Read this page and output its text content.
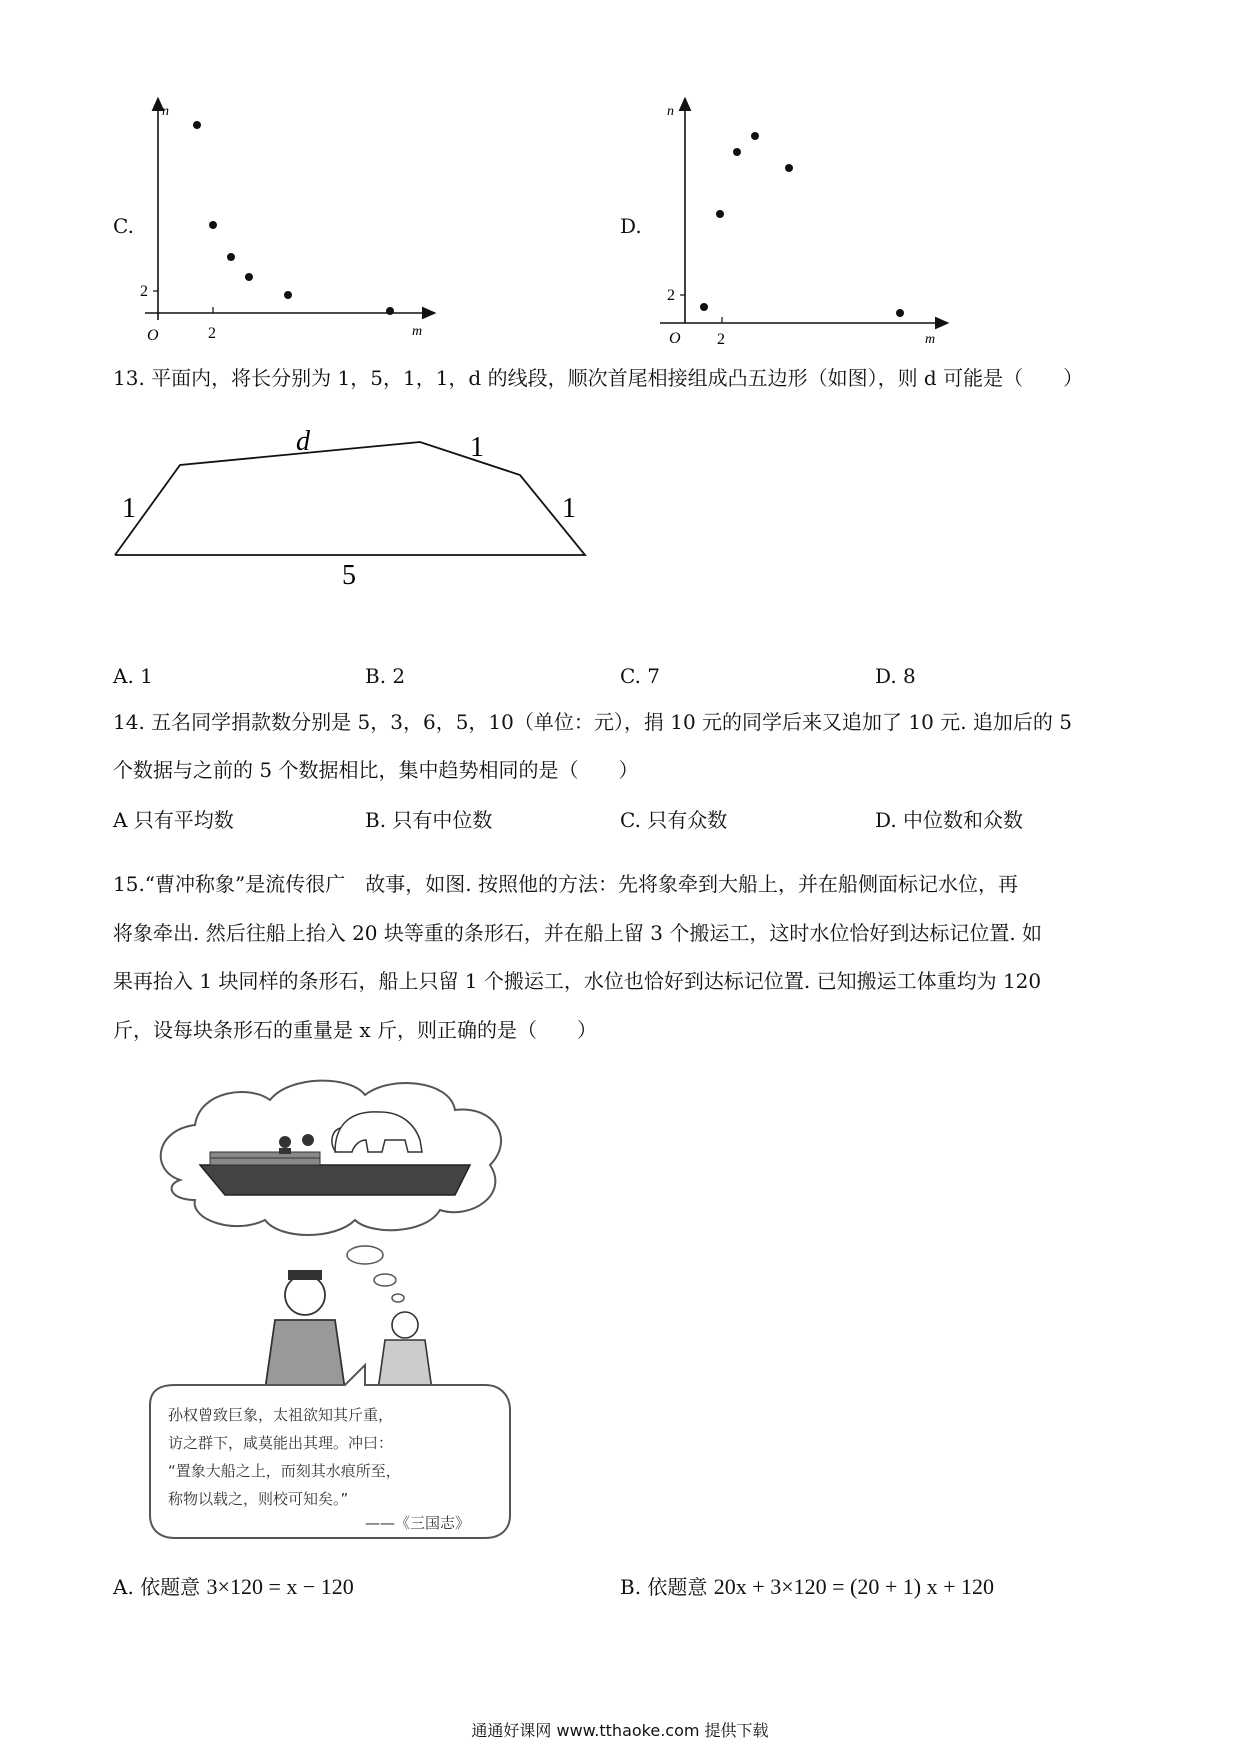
C.
n
m
O
2
2
D.
n
m
O
2
2
13. 平面内，将长分别为 1，5，1，1，d 的线段，顺次首尾相接组成凸五边形（如图），则 d 可能是（　　）
d	1
1	1
5
A. 1	B. 2	C. 7	D. 8
14. 五名同学捐款数分别是 5，3，6，5，10（单位：元），捐 10 元的同学后来又追加了 10 元. 追加后的 5
个数据与之前的 5 个数据相比，集中趋势相同的是（　　）
A 只有平均数	B. 只有中位数	C. 只有众数	D. 中位数和众数
15.“曹冲称象”是流传很广　故事，如图. 按照他的方法：先将象牵到大船上，并在船侧面标记水位，再
将象牵出. 然后往船上抬入 20 块等重的条形石，并在船上留 3 个搬运工，这时水位恰好到达标记位置. 如
果再抬入 1 块同样的条形石，船上只留 1 个搬运工，水位也恰好到达标记位置. 已知搬运工体重均为 120
斤，设每块条形石的重量是 x 斤，则正确的是（　　）
孙权曾致巨象，太祖欲知其斤重，
访之群下，咸莫能出其理。冲曰：
“置象大船之上，而刻其水痕所至，
称物以载之，则校可知矣。”
——《三国志》
A. 依题意 3×120 = x − 120	B. 依题意 20x + 3×120 = (20 + 1) x + 120
通通好课网 www.tthaoke.com 提供下载
